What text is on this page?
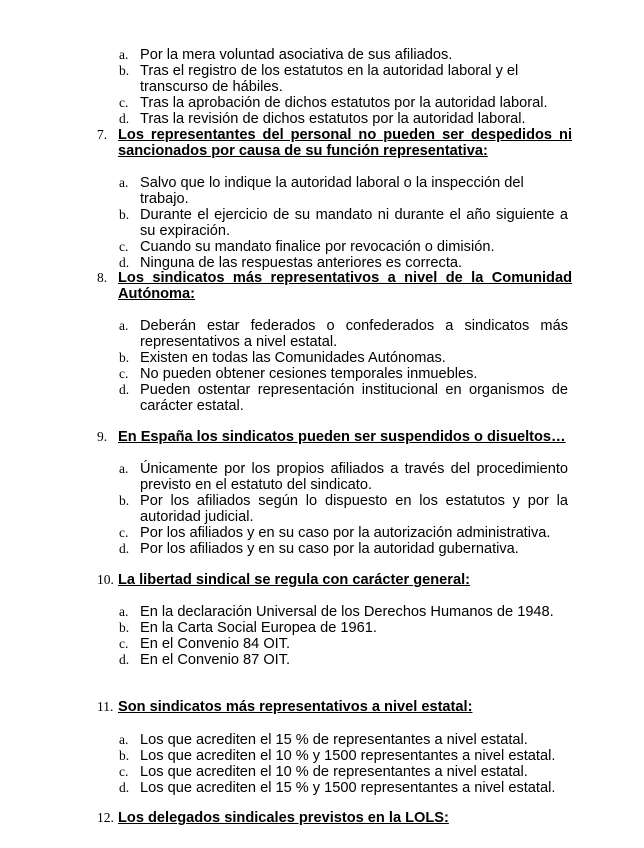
a. Por la mera voluntad asociativa de sus afiliados.
b. Tras el registro de los estatutos en la autoridad laboral y el transcurso de hábiles.
c. Tras la aprobación de dichos estatutos por la autoridad laboral.
d. Tras la revisión de dichos estatutos por la autoridad laboral.
7. Los representantes del personal no pueden ser despedidos ni sancionados por causa de su función representativa:
a. Salvo que lo indique la autoridad laboral o la inspección del trabajo.
b. Durante el ejercicio de su mandato ni durante el año siguiente a su expiración.
c. Cuando su mandato finalice por revocación o dimisión.
d. Ninguna de las respuestas anteriores es correcta.
8. Los sindicatos más representativos a nivel de la Comunidad Autónoma:
a. Deberán estar federados o confederados a sindicatos más representativos a nivel estatal.
b. Existen en todas las Comunidades Autónomas.
c. No pueden obtener cesiones temporales inmuebles.
d. Pueden ostentar representación institucional en organismos de carácter estatal.
9. En España los sindicatos pueden ser suspendidos o disueltos…
a. Únicamente por los propios afiliados a través del procedimiento previsto en el estatuto del sindicato.
b. Por los afiliados según lo dispuesto en los estatutos y por la autoridad judicial.
c. Por los afiliados y en su caso por la autorización administrativa.
d. Por los afiliados y en su caso por la autoridad gubernativa.
10. La libertad sindical se regula con carácter general:
a. En la declaración Universal de los Derechos Humanos de 1948.
b. En la Carta Social Europea de 1961.
c. En el Convenio 84 OIT.
d. En el Convenio 87 OIT.
11. Son sindicatos más representativos a nivel estatal:
a. Los que acrediten el 15 % de representantes a nivel estatal.
b. Los que acrediten el 10 % y 1500 representantes a nivel estatal.
c. Los que acrediten el 10 % de representantes a nivel estatal.
d. Los que acrediten el 15 % y 1500 representantes a nivel estatal.
12. Los delegados sindicales previstos en la LOLS:
